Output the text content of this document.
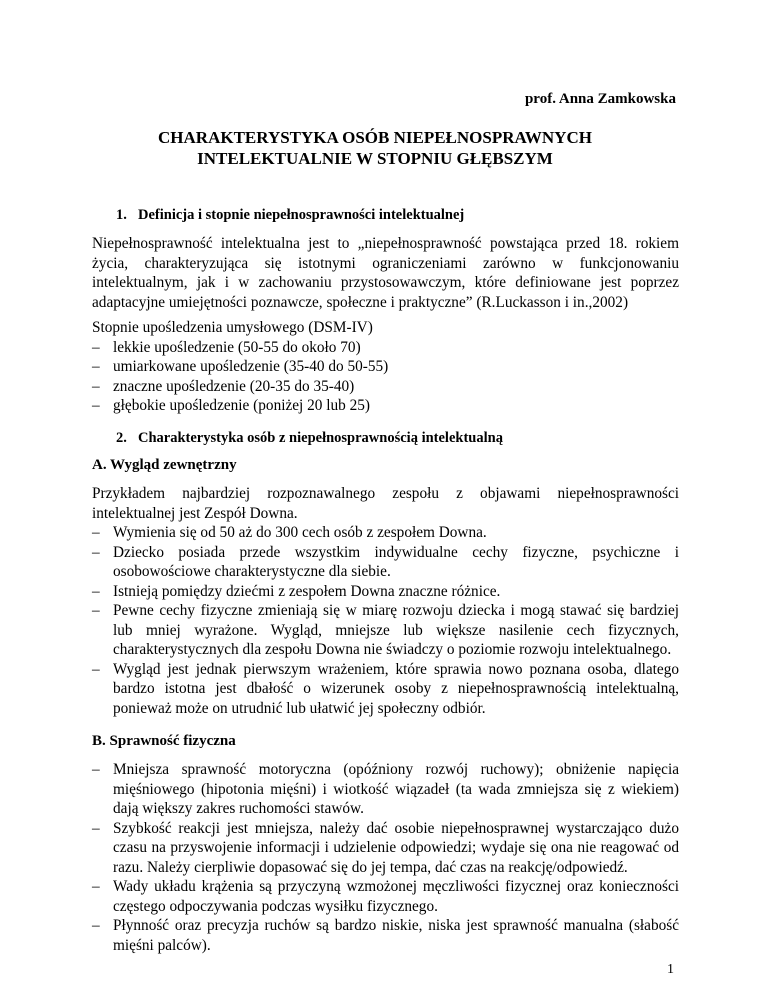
prof. Anna Zamkowska
CHARAKTERYSTYKA OSÓB NIEPEŁNOSPRAWNYCH
INTELEKTUALNIE W STOPNIU GŁĘBSZYM
1. Definicja i stopnie niepełnosprawności intelektualnej
Niepełnosprawność intelektualna jest to „niepełnosprawność powstająca przed 18. rokiem życia, charakteryzująca się istotnymi ograniczeniami zarówno w funkcjonowaniu intelektualnym, jak i w zachowaniu przystosowawczym, które definiowane jest poprzez adaptacyjne umiejętności poznawcze, społeczne i praktyczne” (R.Luckasson i in.,2002)
Stopnie upośledzenia umysłowego (DSM-IV)
– lekkie upośledzenie (50-55 do około 70)
– umiarkowane upośledzenie (35-40 do 50-55)
– znaczne upośledzenie (20-35 do 35-40)
– głębokie upośledzenie (poniżej 20 lub 25)
2. Charakterystyka osób z niepełnosprawnością intelektualną
A. Wygląd zewnętrzny
Przykładem najbardziej rozpoznawalnego zespołu z objawami niepełnosprawności intelektualnej jest Zespół Downa.
– Wymienia się od 50 aż do 300 cech osób z zespołem Downa.
– Dziecko posiada przede wszystkim indywidualne cechy fizyczne, psychiczne i osobowościowe charakterystyczne dla siebie.
– Istnieją pomiędzy dziećmi z zespołem Downa znaczne różnice.
– Pewne cechy fizyczne zmieniają się w miarę rozwoju dziecka i mogą stawać się bardziej lub mniej wyrażone. Wygląd, mniejsze lub większe nasilenie cech fizycznych, charakterystycznych dla zespołu Downa nie świadczy o poziomie rozwoju intelektualnego.
– Wygląd jest jednak pierwszym wrażeniem, które sprawia nowo poznana osoba, dlatego bardzo istotna jest dbałość o wizerunek osoby z niepełnosprawnością intelektualną, ponieważ może on utrudnić lub ułatwić jej społeczny odbiór.
B. Sprawność fizyczna
– Mniejsza sprawność motoryczna (opóźniony rozwój ruchowy); obniżenie napięcia mięśniowego (hipotonia mięśni) i wiotkość wiązadeł (ta wada zmniejsza się z wiekiem) dają większy zakres ruchomości stawów.
– Szybkość reakcji jest mniejsza, należy dać osobie niepełnosprawnej wystarczająco dużo czasu na przyswojenie informacji i udzielenie odpowiedzi; wydaje się ona nie reagować od razu. Należy cierpliwie dopasować się do jej tempa, dać czas na reakcję/odpowiedź.
– Wady układu krążenia są przyczyną wzmożonej męczliwości fizycznej oraz konieczności częstego odpoczywania podczas wysiłku fizycznego.
– Płynność oraz precyzja ruchów są bardzo niskie, niska jest sprawność manualna (słabość mięśni palców).
1
